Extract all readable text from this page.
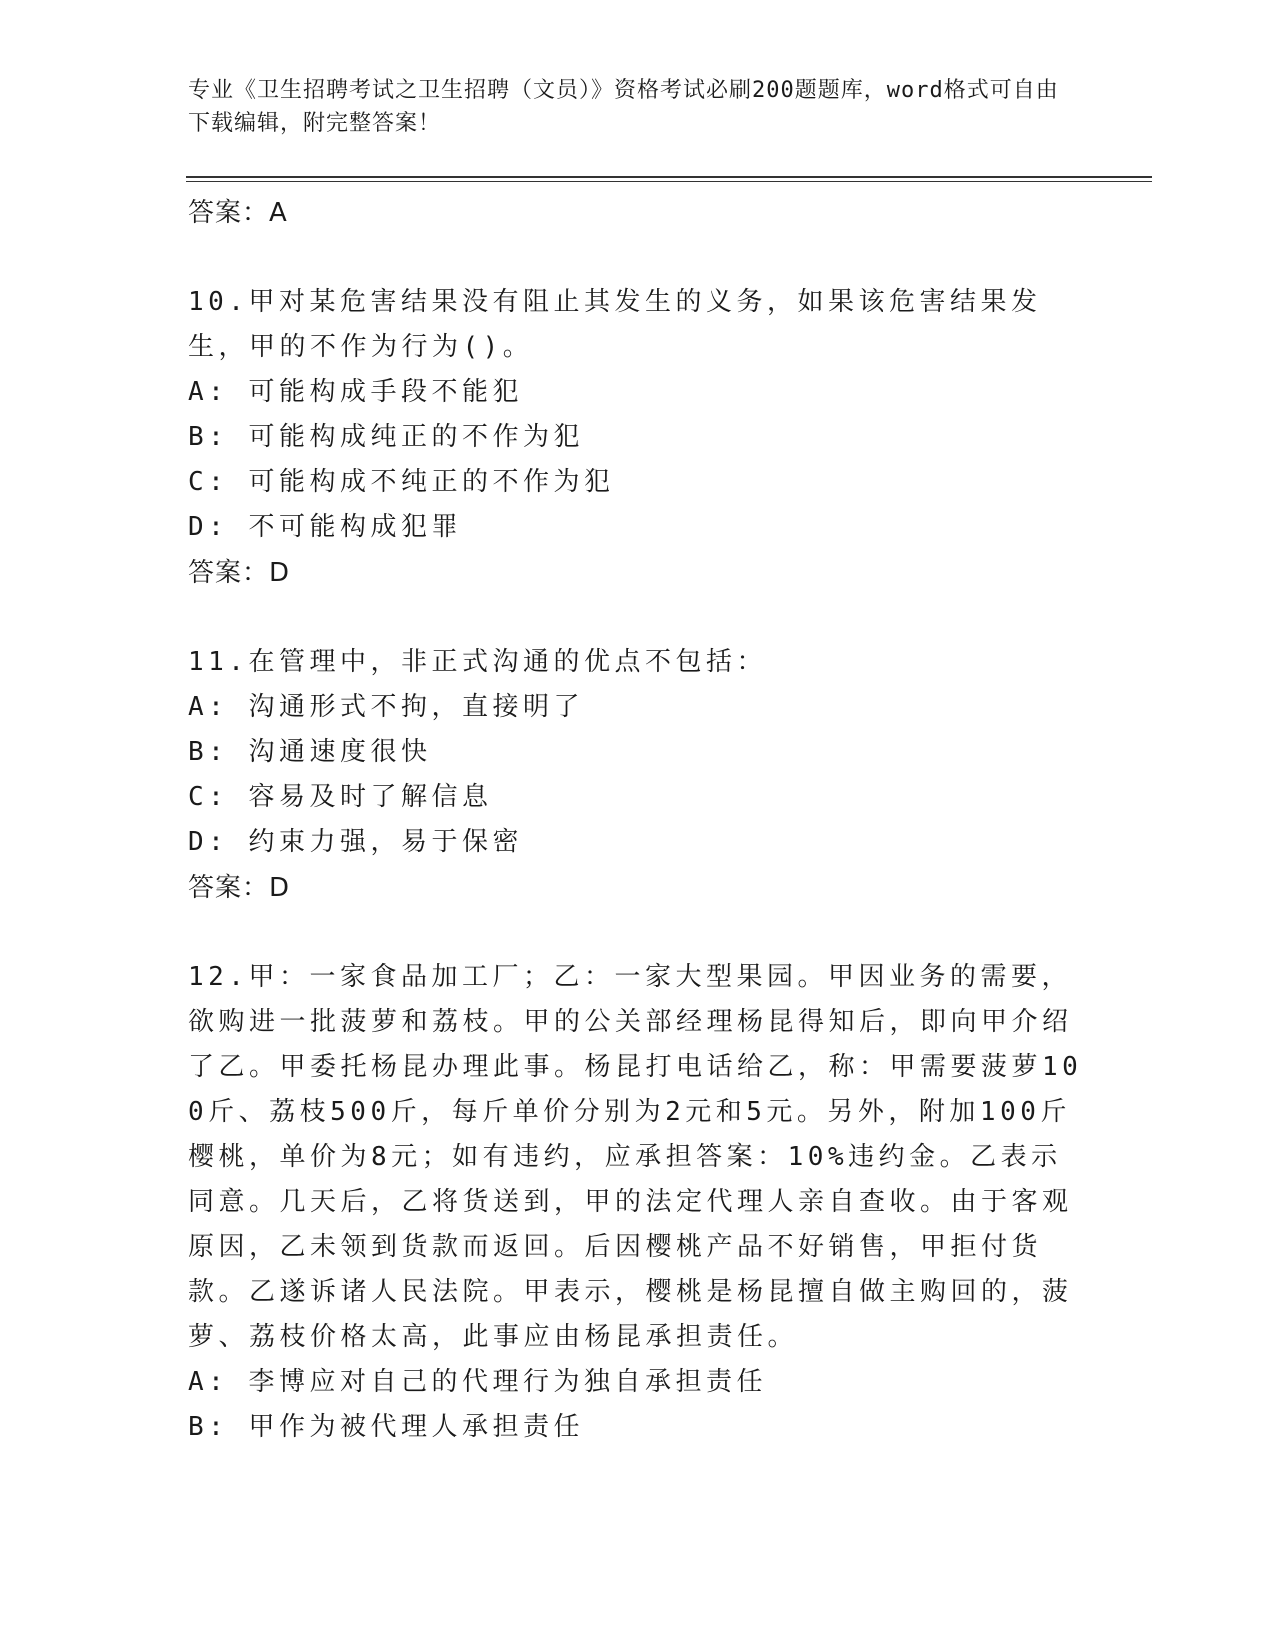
专业《卫生招聘考试之卫生招聘（文员）》资格考试必刷200题题库，word格式可自由下载编辑，附完整答案！
答案：A
10.甲对某危害结果没有阻止其发生的义务，如果该危害结果发生，甲的不作为行为()。
A: 可能构成手段不能犯
B: 可能构成纯正的不作为犯
C: 可能构成不纯正的不作为犯
D: 不可能构成犯罪
答案：D
11.在管理中，非正式沟通的优点不包括：
A: 沟通形式不拘，直接明了
B: 沟通速度很快
C: 容易及时了解信息
D: 约束力强，易于保密
答案：D
12.甲：一家食品加工厂；乙：一家大型果园。甲因业务的需要，欲购进一批菠萝和荔枝。甲的公关部经理杨昆得知后，即向甲介绍了乙。甲委托杨昆办理此事。杨昆打电话给乙，称：甲需要菠萝100斤、荔枝500斤，每斤单价分别为2元和5元。另外，附加100斤樱桃，单价为8元；如有违约，应承担答案：10%违约金。乙表示同意。几天后，乙将货送到，甲的法定代理人亲自查收。由于客观原因，乙未领到货款而返回。后因樱桃产品不好销售，甲拒付货款。乙遂诉诸人民法院。甲表示，樱桃是杨昆擅自做主购回的，菠萝、荔枝价格太高，此事应由杨昆承担责任。
A: 李博应对自己的代理行为独自承担责任
B: 甲作为被代理人承担责任
